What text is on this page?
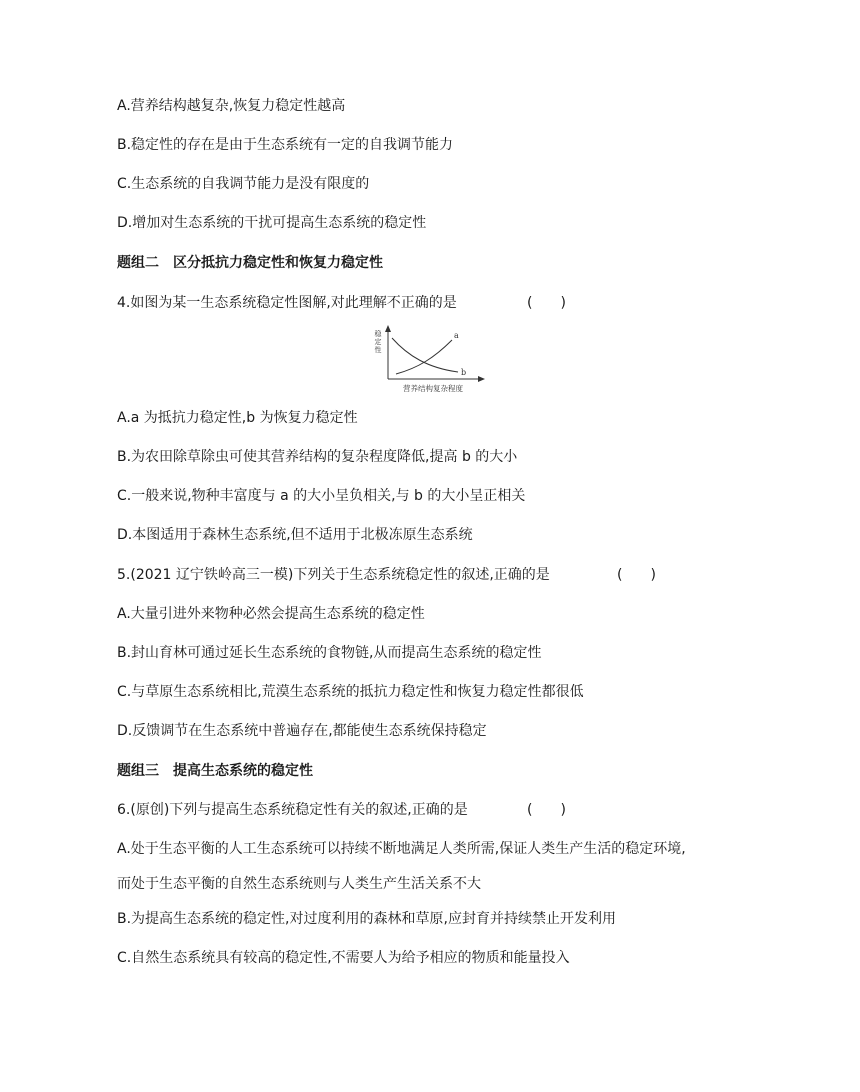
A.营养结构越复杂,恢复力稳定性越高
B.稳定性的存在是由于生态系统有一定的自我调节能力
C.生态系统的自我调节能力是没有限度的
D.增加对生态系统的干扰可提高生态系统的稳定性
题组二　区分抵抗力稳定性和恢复力稳定性
4.如图为某一生态系统稳定性图解,对此理解不正确的是	(　　)
稳
定
性
a
b
营养结构复杂程度
A.a 为抵抗力稳定性,b 为恢复力稳定性
B.为农田除草除虫可使其营养结构的复杂程度降低,提高 b 的大小
C.一般来说,物种丰富度与 a 的大小呈负相关,与 b 的大小呈正相关
D.本图适用于森林生态系统,但不适用于北极冻原生态系统
5.(2021 辽宁铁岭高三一模)下列关于生态系统稳定性的叙述,正确的是	(　　)
A.大量引进外来物种必然会提高生态系统的稳定性
B.封山育林可通过延长生态系统的食物链,从而提高生态系统的稳定性
C.与草原生态系统相比,荒漠生态系统的抵抗力稳定性和恢复力稳定性都很低
D.反馈调节在生态系统中普遍存在,都能使生态系统保持稳定
题组三　提高生态系统的稳定性
6.(原创)下列与提高生态系统稳定性有关的叙述,正确的是	(　　)
A.处于生态平衡的人工生态系统可以持续不断地满足人类所需,保证人类生产生活的稳定环境,
而处于生态平衡的自然生态系统则与人类生产生活关系不大
B.为提高生态系统的稳定性,对过度利用的森林和草原,应封育并持续禁止开发利用
C.自然生态系统具有较高的稳定性,不需要人为给予相应的物质和能量投入
